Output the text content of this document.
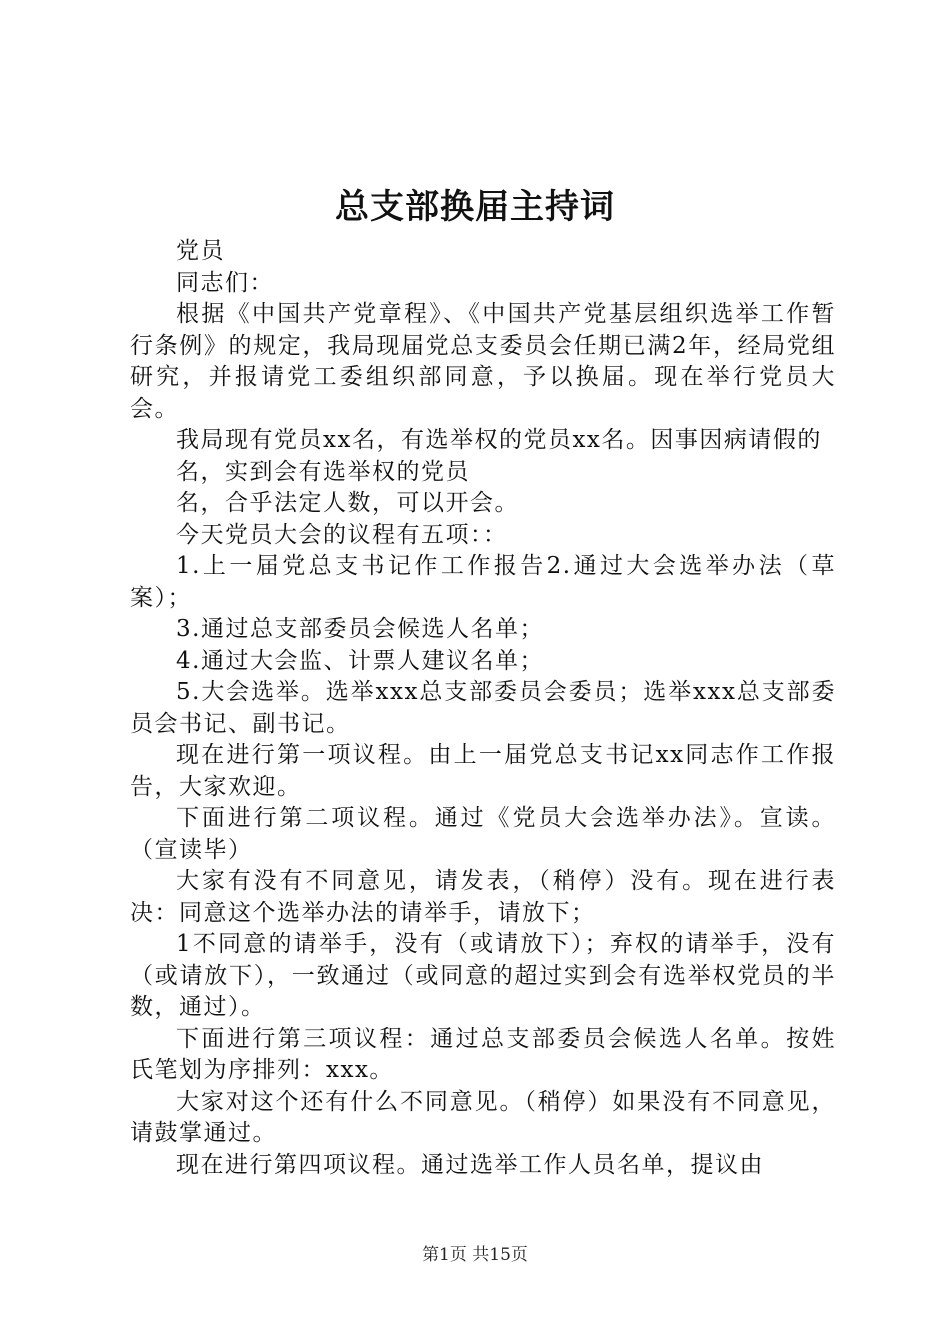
总支部换届主持词

党员

同志们：

根据《中国共产党章程》、《中国共产党基层组织选举工作暂行条例》的规定，我局现届党总支委员会任期已满2年，经局党组研究，并报请党工委组织部同意，予以换届。现在举行党员大会。

我局现有党员xx名，有选举权的党员xx名。因事因病请假的

名，实到会有选举权的党员

名，合乎法定人数，可以开会。

今天党员大会的议程有五项：：

1.上一届党总支书记作工作报告2.通过大会选举办法（草案）；

3.通过总支部委员会候选人名单；

4.通过大会监、计票人建议名单；

5.大会选举。选举xxx总支部委员会委员；选举xxx总支部委员会书记、副书记。

现在进行第一项议程。由上一届党总支书记xx同志作工作报告，大家欢迎。

下面进行第二项议程。通过《党员大会选举办法》。宣读。（宣读毕）

大家有没有不同意见，请发表，（稍停）没有。现在进行表决：同意这个选举办法的请举手，请放下；

1不同意的请举手，没有（或请放下）；弃权的请举手，没有（或请放下），一致通过（或同意的超过实到会有选举权党员的半数，通过）。

下面进行第三项议程：通过总支部委员会候选人名单。按姓氏笔划为序排列：xxx。

大家对这个还有什么不同意见。（稍停）如果没有不同意见，请鼓掌通过。

现在进行第四项议程。通过选举工作人员名单，提议由

第1页 共15页
